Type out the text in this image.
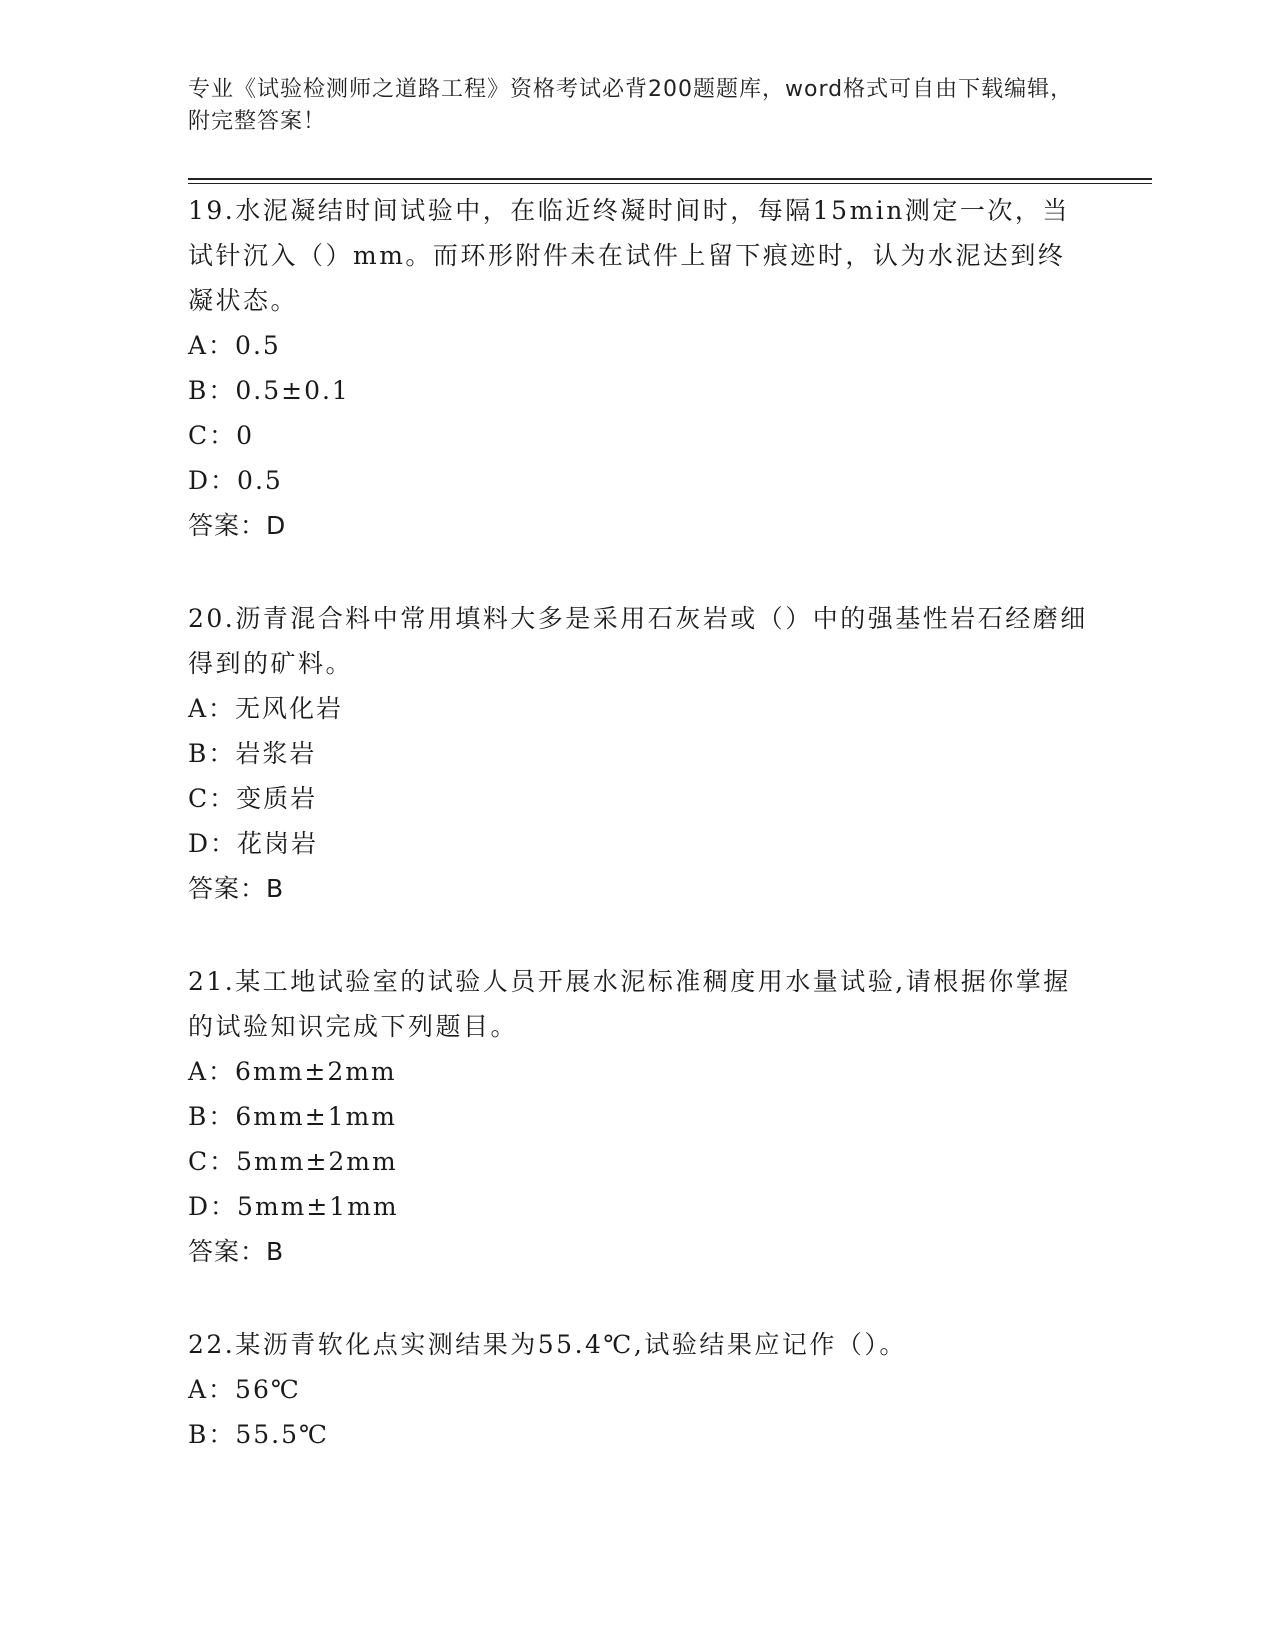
专业《试验检测师之道路工程》资格考试必背200题题库，word格式可自由下载编辑，附完整答案！

19.水泥凝结时间试验中，在临近终凝时间时，每隔15min测定一次，当试针沉入（）mm。而环形附件未在试件上留下痕迹时，认为水泥达到终凝状态。

A：0.5

B：0.5±0.1

C：0

D：0.5

答案：D

20.沥青混合料中常用填料大多是采用石灰岩或（）中的强基性岩石经磨细得到的矿料。

A：无风化岩

B：岩浆岩

C：变质岩

D：花岗岩

答案：B

21.某工地试验室的试验人员开展水泥标准稠度用水量试验,请根据你掌握的试验知识完成下列题目。

A：6mm±2mm

B：6mm±1mm

C：5mm±2mm

D：5mm±1mm

答案：B

22.某沥青软化点实测结果为55.4℃,试验结果应记作（）。

A：56℃

B：55.5℃
